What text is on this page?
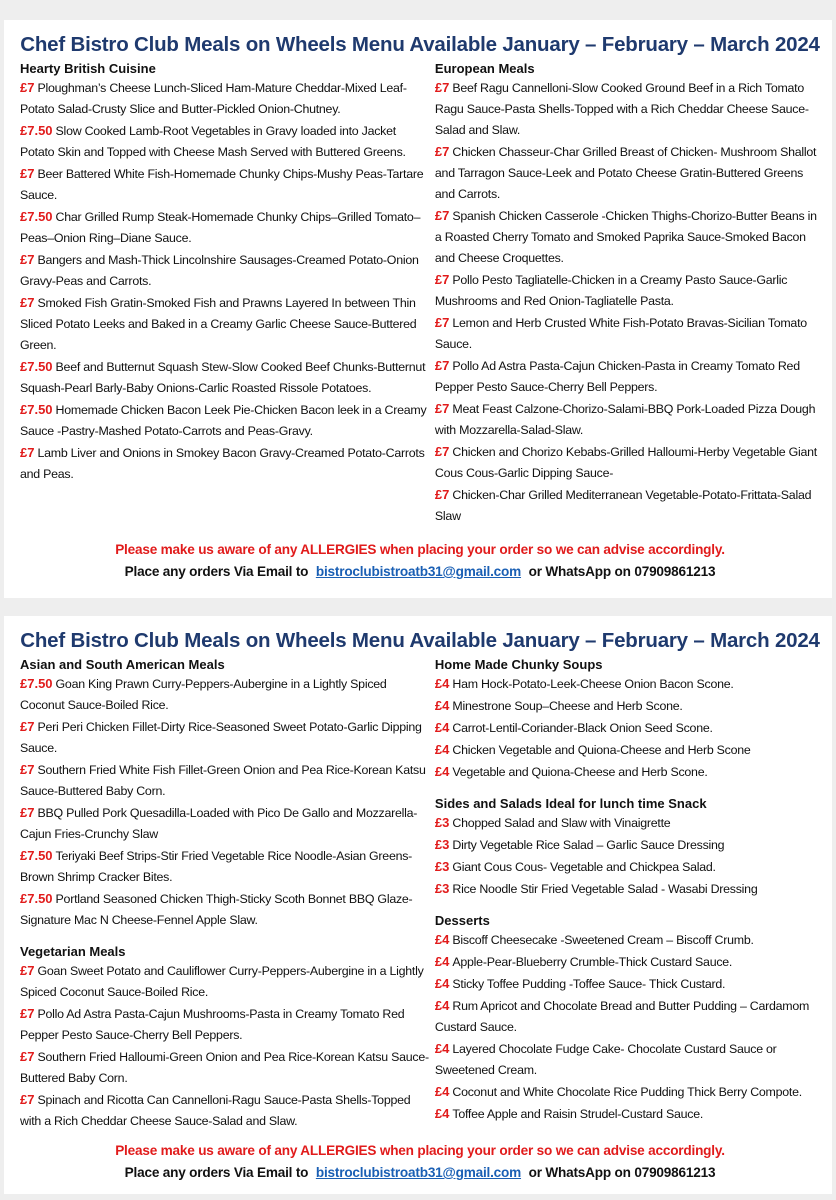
Chef Bistro Club Meals on Wheels Menu Available January – February – March 2024
Hearty British Cuisine
£7 Ploughman’s Cheese Lunch-Sliced Ham-Mature Cheddar-Mixed Leaf-Potato Salad-Crusty Slice and Butter-Pickled Onion-Chutney.
£7.50 Slow Cooked Lamb-Root Vegetables in Gravy loaded into Jacket Potato Skin and Topped with Cheese Mash Served with Buttered Greens.
£7 Beer Battered White Fish-Homemade Chunky Chips-Mushy Peas-Tartare Sauce.
£7.50 Char Grilled Rump Steak-Homemade Chunky Chips–Grilled Tomato–Peas–Onion Ring–Diane Sauce.
£7 Bangers and Mash-Thick Lincolnshire Sausages-Creamed Potato-Onion Gravy-Peas and Carrots.
£7 Smoked Fish Gratin-Smoked Fish and Prawns Layered In between Thin Sliced Potato Leeks and Baked in a Creamy Garlic Cheese Sauce-Buttered Green.
£7.50 Beef and Butternut Squash Stew-Slow Cooked Beef Chunks-Butternut Squash-Pearl Barly-Baby Onions-Carlic Roasted Rissole Potatoes.
£7.50 Homemade Chicken Bacon Leek Pie-Chicken Bacon leek in a Creamy Sauce -Pastry-Mashed Potato-Carrots and Peas-Gravy.
£7 Lamb Liver and Onions in Smokey Bacon Gravy-Creamed Potato-Carrots and Peas.
European Meals
£7 Beef Ragu Cannelloni-Slow Cooked Ground Beef in a Rich Tomato Ragu Sauce-Pasta Shells-Topped with a Rich Cheddar Cheese Sauce-Salad and Slaw.
£7 Chicken Chasseur-Char Grilled Breast of Chicken- Mushroom Shallot and Tarragon Sauce-Leek and Potato Cheese Gratin-Buttered Greens and Carrots.
£7 Spanish Chicken Casserole -Chicken Thighs-Chorizo-Butter Beans in a Roasted Cherry Tomato and Smoked Paprika Sauce-Smoked Bacon and Cheese Croquettes.
£7 Pollo Pesto Tagliatelle-Chicken in a Creamy Pasto Sauce-Garlic Mushrooms and Red Onion-Tagliatelle Pasta.
£7 Lemon and Herb Crusted White Fish-Potato Bravas-Sicilian Tomato Sauce.
£7 Pollo Ad Astra Pasta-Cajun Chicken-Pasta in Creamy Tomato Red Pepper Pesto Sauce-Cherry Bell Peppers.
£7 Meat Feast Calzone-Chorizo-Salami-BBQ Pork-Loaded Pizza Dough with Mozzarella-Salad-Slaw.
£7 Chicken and Chorizo Kebabs-Grilled Halloumi-Herby Vegetable Giant Cous Cous-Garlic Dipping Sauce-
£7 Chicken-Char Grilled Mediterranean Vegetable-Potato-Frittata-Salad Slaw
Please make us aware of any ALLERGIES when placing your order so we can advise accordingly.
Place any orders Via Email to bistroclubistroatb31@gmail.com or WhatsApp on 07909861213
Chef Bistro Club Meals on Wheels Menu Available January – February – March 2024
Asian and South American Meals
£7.50 Goan King Prawn Curry-Peppers-Aubergine in a Lightly Spiced Coconut Sauce-Boiled Rice.
£7 Peri Peri Chicken Fillet-Dirty Rice-Seasoned Sweet Potato-Garlic Dipping Sauce.
£7 Southern Fried White Fish Fillet-Green Onion and Pea Rice-Korean Katsu Sauce-Buttered Baby Corn.
£7 BBQ Pulled Pork Quesadilla-Loaded with Pico De Gallo and Mozzarella-Cajun Fries-Crunchy Slaw
£7.50 Teriyaki Beef Strips-Stir Fried Vegetable Rice Noodle-Asian Greens-Brown Shrimp Cracker Bites.
£7.50 Portland Seasoned Chicken Thigh-Sticky Scoth Bonnet BBQ Glaze-Signature Mac N Cheese-Fennel Apple Slaw.
Vegetarian Meals
£7 Goan Sweet Potato and Cauliflower Curry-Peppers-Aubergine in a Lightly Spiced Coconut Sauce-Boiled Rice.
£7 Pollo Ad Astra Pasta-Cajun Mushrooms-Pasta in Creamy Tomato Red Pepper Pesto Sauce-Cherry Bell Peppers.
£7 Southern Fried Halloumi-Green Onion and Pea Rice-Korean Katsu Sauce-Buttered Baby Corn.
£7 Spinach and Ricotta Can Cannelloni-Ragu Sauce-Pasta Shells-Topped with a Rich Cheddar Cheese Sauce-Salad and Slaw.
Home Made Chunky Soups
£4 Ham Hock-Potato-Leek-Cheese Onion Bacon Scone.
£4 Minestrone Soup–Cheese and Herb Scone.
£4 Carrot-Lentil-Coriander-Black Onion Seed Scone.
£4 Chicken Vegetable and Quiona-Cheese and Herb Scone
£4 Vegetable and Quiona-Cheese and Herb Scone.
Sides and Salads Ideal for lunch time Snack
£3 Chopped Salad and Slaw with Vinaigrette
£3 Dirty Vegetable Rice Salad – Garlic Sauce Dressing
£3 Giant Cous Cous- Vegetable and Chickpea Salad.
£3 Rice Noodle Stir Fried Vegetable Salad - Wasabi Dressing
Desserts
£4 Biscoff Cheesecake -Sweetened Cream – Biscoff Crumb.
£4 Apple-Pear-Blueberry Crumble-Thick Custard Sauce.
£4 Sticky Toffee Pudding -Toffee Sauce- Thick Custard.
£4 Rum Apricot and Chocolate Bread and Butter Pudding – Cardamom Custard Sauce.
£4 Layered Chocolate Fudge Cake- Chocolate Custard Sauce or Sweetened Cream.
£4 Coconut and White Chocolate Rice Pudding Thick Berry Compote.
£4 Toffee Apple and Raisin Strudel-Custard Sauce.
Please make us aware of any ALLERGIES when placing your order so we can advise accordingly.
Place any orders Via Email to bistroclubistroatb31@gmail.com or WhatsApp on 07909861213
